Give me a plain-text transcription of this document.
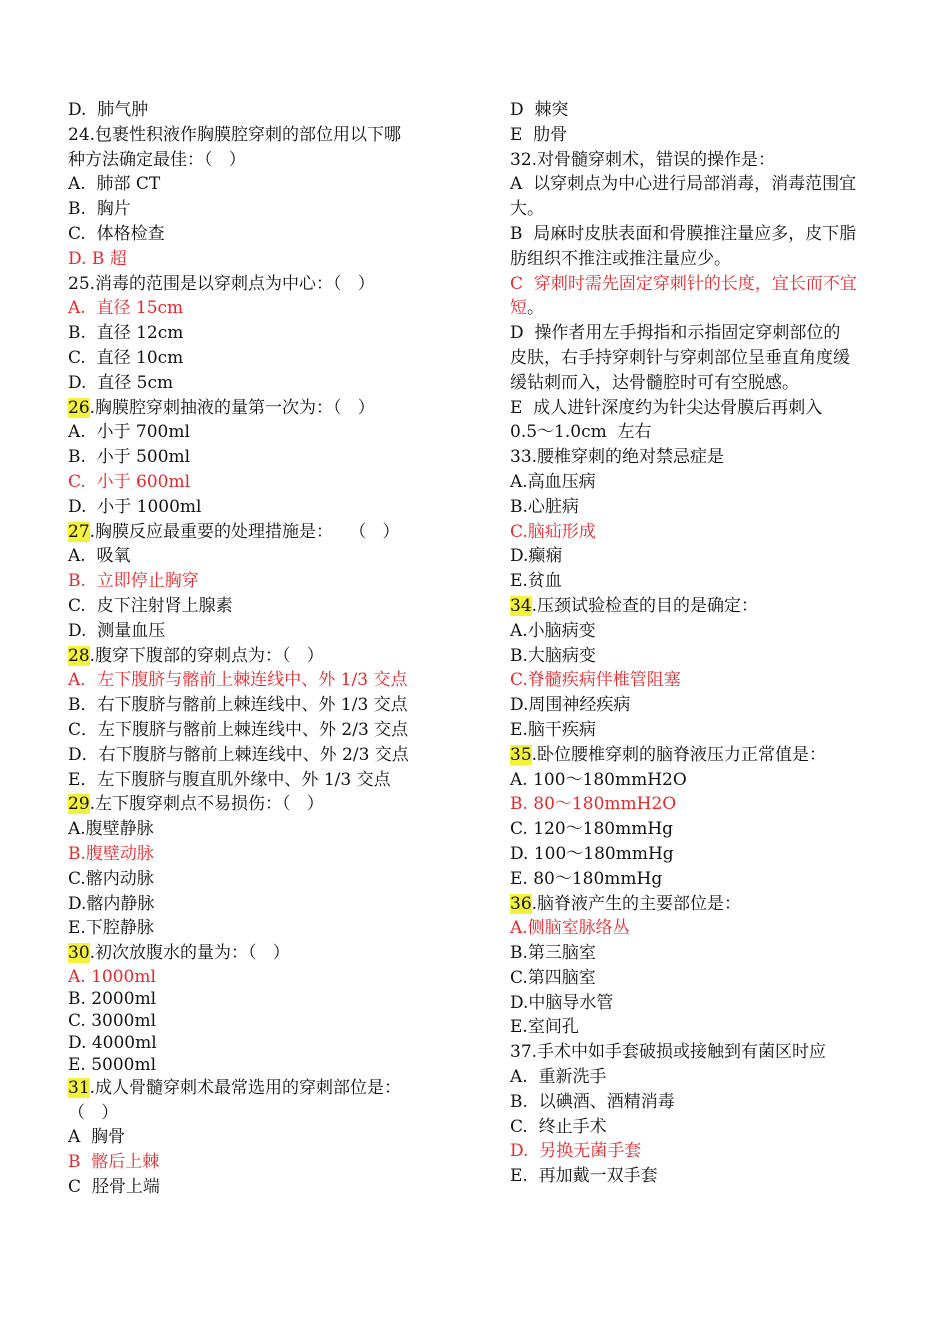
D.  肺气肿
24.包裹性积液作胸膜腔穿刺的部位用以下哪
种方法确定最佳：（   ）
A.  肺部 CT
B.  胸片
C.  体格检查
D. B 超
25.消毒的范围是以穿刺点为中心：（   ）
A.  直径 15cm
B.  直径 12cm
C.  直径 10cm
D.  直径 5cm
26.胸膜腔穿刺抽液的量第一次为：（   ）
A.  小于 700ml
B.  小于 500ml
C.  小于 600ml
D.  小于 1000ml
27.胸膜反应最重要的处理措施是：   （   ）
A.  吸氧
B.  立即停止胸穿
C.  皮下注射肾上腺素
D.  测量血压
28.腹穿下腹部的穿刺点为：（   ）
A．左下腹脐与髂前上棘连线中、外 1/3 交点
B．右下腹脐与髂前上棘连线中、外 1/3 交点
C．左下腹脐与髂前上棘连线中、外 2/3 交点
D．右下腹脐与髂前上棘连线中、外 2/3 交点
E．左下腹脐与腹直肌外缘中、外 1/3 交点
29.左下腹穿刺点不易损伤：（   ）
A.腹壁静脉
B.腹壁动脉
C.髂内动脉
D.髂内静脉
E.下腔静脉
30.初次放腹水的量为：（   ）
A. 1000ml
B. 2000ml
C. 3000ml
D. 4000ml
E. 5000ml
31.成人骨髓穿刺术最常选用的穿刺部位是：
（   ）
A  胸骨
B  髂后上棘
C  胫骨上端
D  棘突
E  肋骨
32.对骨髓穿刺术，错误的操作是：
A  以穿刺点为中心进行局部消毒，消毒范围宜
大。
B  局麻时皮肤表面和骨膜推注量应多，皮下脂
肪组织不推注或推注量应少。
C  穿刺时需先固定穿刺针的长度，宜长而不宜
短。
D  操作者用左手拇指和示指固定穿刺部位的
皮肤，右手持穿刺针与穿刺部位呈垂直角度缓
缓钻刺而入，达骨髓腔时可有空脱感。
E  成人进针深度约为针尖达骨膜后再刺入
0.5～1.0cm  左右
33.腰椎穿刺的绝对禁忌症是
A.高血压病
B.心脏病
C.脑疝形成
D.癫痫
E.贫血
34.压颈试验检查的目的是确定：
A.小脑病变
B.大脑病变
C.脊髓疾病伴椎管阻塞
D.周围神经疾病
E.脑干疾病
35.卧位腰椎穿刺的脑脊液压力正常值是：
A. 100～180mmH2O
B. 80～180mmH2O
C. 120～180mmHg
D. 100～180mmHg
E. 80～180mmHg
36.脑脊液产生的主要部位是：
A.侧脑室脉络丛
B.第三脑室
C.第四脑室
D.中脑导水管
E.室间孔
37.手术中如手套破损或接触到有菌区时应
A.  重新洗手
B.  以碘酒、酒精消毒
C.  终止手术
D.  另换无菌手套
E.  再加戴一双手套
